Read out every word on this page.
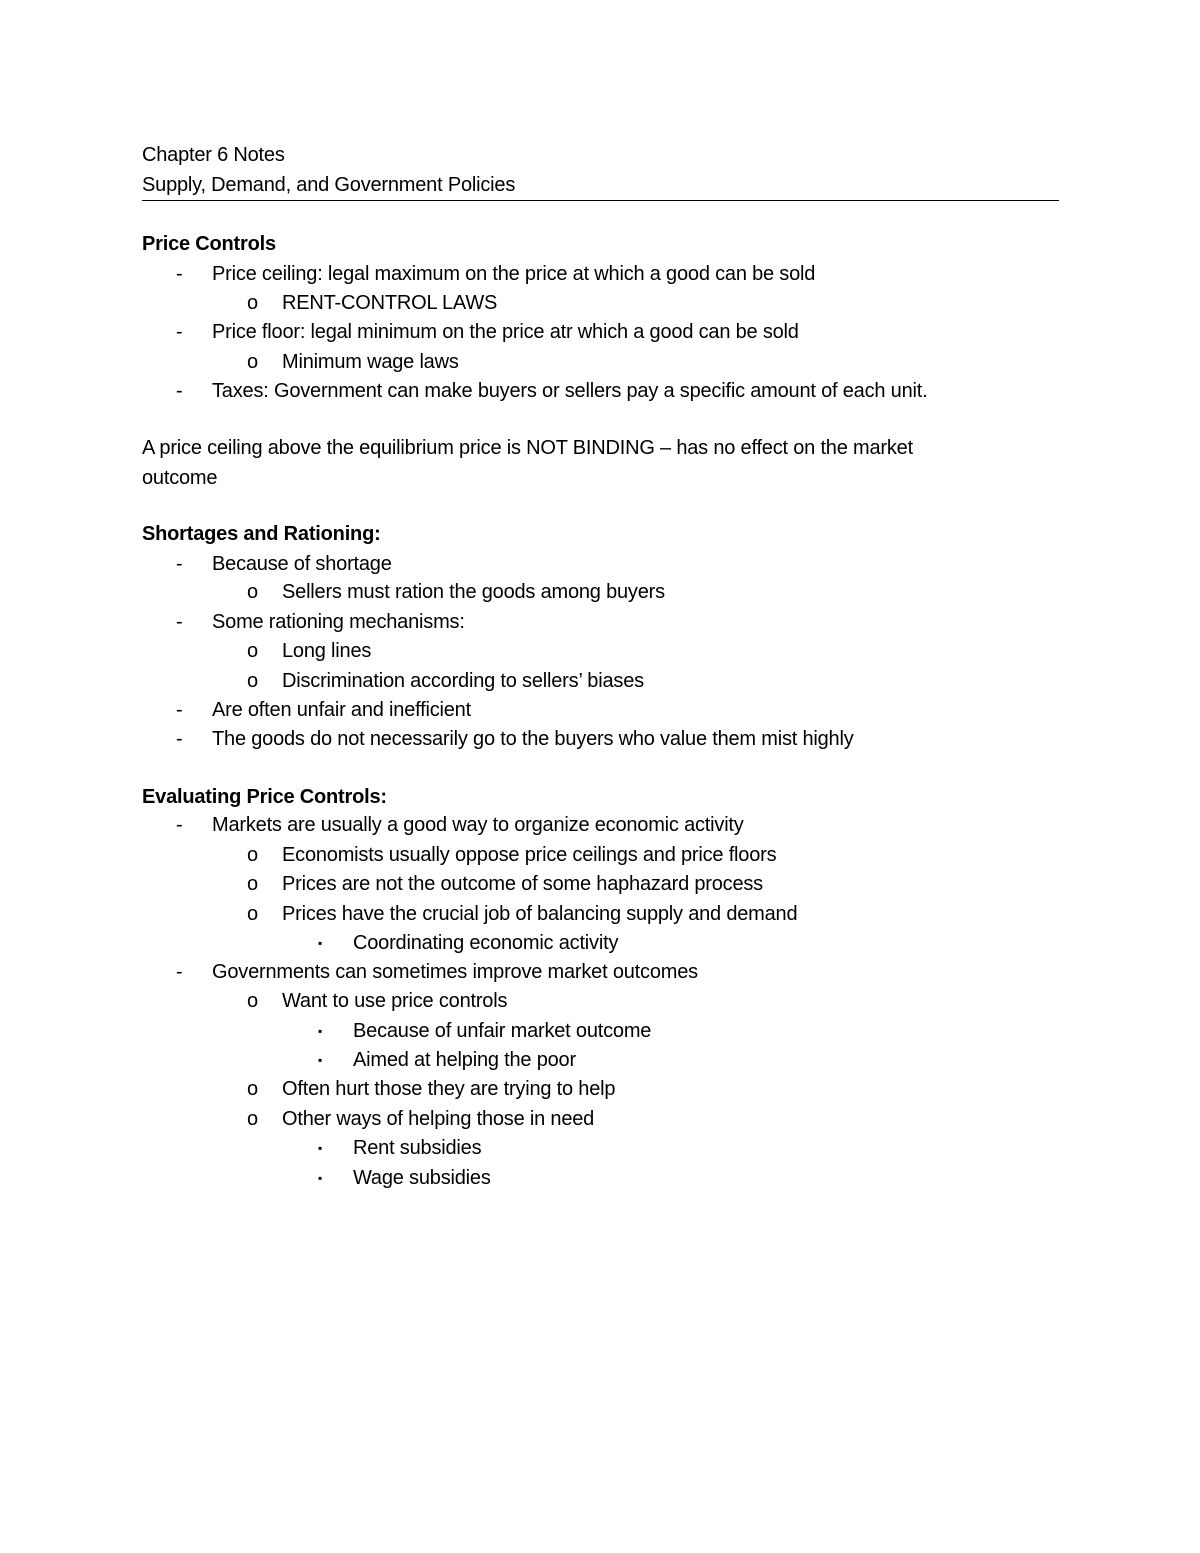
Chapter 6 Notes
Supply, Demand, and Government Policies
Price Controls
- Price ceiling: legal maximum on the price at which a good can be sold
o RENT-CONTROL LAWS
- Price floor: legal minimum on the price atr which a good can be sold
o Minimum wage laws
- Taxes: Government can make buyers or sellers pay a specific amount of each unit.
A price ceiling above the equilibrium price is NOT BINDING – has no effect on the market
outcome
Shortages and Rationing:
- Because of shortage
o Sellers must ration the goods among buyers
- Some rationing mechanisms:
o Long lines
o Discrimination according to sellers’ biases
- Are often unfair and inefficient
- The goods do not necessarily go to the buyers who value them mist highly
Evaluating Price Controls:
- Markets are usually a good way to organize economic activity
o Economists usually oppose price ceilings and price floors
o Prices are not the outcome of some haphazard process
o Prices have the crucial job of balancing supply and demand
▪ Coordinating economic activity
- Governments can sometimes improve market outcomes
o Want to use price controls
▪ Because of unfair market outcome
▪ Aimed at helping the poor
o Often hurt those they are trying to help
o Other ways of helping those in need
▪ Rent subsidies
▪ Wage subsidies
